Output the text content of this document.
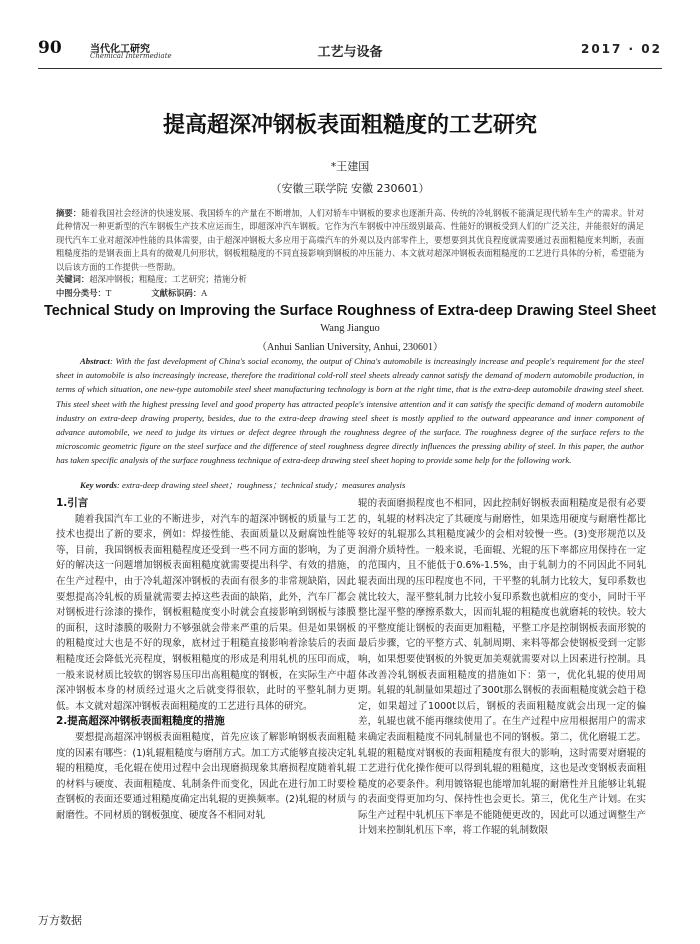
90	当代化工研究
Chemical Intermediate	工艺与设备	2017 · 02
提高超深冲钢板表面粗糙度的工艺研究
*王建国
（安徽三联学院 安徽 230601）
摘要：随着我国社会经济的快速发展、我国轿车的产量在不断增加，人们对轿车中钢板的要求也逐渐升高、传统的冷轧钢板不能满足现代轿车生产的需求。针对此种情况一种更新型的汽车钢板生产技术应运而生，即超深冲汽车钢板。它作为汽车钢板中冲压级别最高、性能好的钢板受到人们的广泛关注，并能很好的满足现代汽车工业对超深冲性能的具体需要，由于超深冲钢板大多应用于高端汽车的外观以及内部零件上，要想要到其优良程度就需要通过表面粗糙度来判断，表面粗糙度指的是钢表面上具有的微观几何形状，钢板粗糙度的不同直接影响到钢板的冲压能力、本文就对超深冲钢板表面粗糙度的工艺进行具体的分析，希望能为以后该方面的工作提供一些帮助。
关键词：超深冲钢板；粗糙度；工艺研究；措施分析
中图分类号：T	文献标识码：A
Technical Study on Improving the Surface Roughness of Extra-deep Drawing Steel Sheet
Wang Jianguo
（Anhui Sanlian University, Anhui, 230601）
Abstract: With the fast development of China's social economy, the output of China's automobile is increasingly increase and people's requirement for the steel sheet in automobile is also increasingly increase, therefore the traditional cold-roll steel sheets already cannot satisfy the demand of modern automobile production, in terms of which situation, one new-type automobile steel sheet manufacturing technology is born at the right time, that is the extra-deep automobile drawing steel sheet. This steel sheet with the highest pressing level and good property has attracted people's intensive attention and it can satisfy the specific demand of modern automobile industry on extra-deep drawing property, besides, due to the extra-deep drawing steel sheet is mostly applied to the outward appearance and inner component of advance automobile, we need to judge its virtues or defect degree through the roughness degree of the surface. The roughness degree of the surface refers to the microscomic geometric figure on the steel surface and the difference of steel roughness degree directly influences the pressing ability of steel. In this paper, the author has taken specific analysis of the surface roughness technique of extra-deep drawing steel sheet hoping to provide some help for the following work.
Key words: extra-deep drawing steel sheet；roughness；technical study；measures analysis
1.引言

随着我国汽车工业的不断进步，对汽车的超深冲钢板的质量与工艺技术也提出了新的要求，例如：焊接性能、表面质量以及耐腐蚀性能等等，目前，我国钢板表面粗糙程度还受到一些不同方面的影响，为了更好的解决这一问题增加钢板表面粗糙度就需要提出科学、有效的措施，在生产过程中，由于冷轧超深冲钢板的表面有很多的非常规缺陷，因此要想提高冷轧板的质量就需要去掉这些表面的缺陷，此外，汽车厂都会对钢板进行涂漆的操作，钢板粗糙度变小时就会直接影响到钢板与漆膜的面积，这时漆膜的吸附力不够强就会带来严重的后果。但是如果钢板的粗糙度过大也是不好的现象，底材过于粗糙直接影响着涂装后的表面粗糙度还会降低光亮程度，钢板粗糙度的形成是利用轧机的压印而成，一般来说材质比较软的钢容易压印出高粗糙度的钢板，在实际生产中超深冲钢板本身的材质经过退火之后就变得很软，此时的平整轧制力更低。本文就对超深冲钢板表面粗糙度的工艺进行具体的研究。

2.提高超深冲钢板表面粗糙度的措施

要想提高超深冲钢板表面粗糙度，首先应该了解影响钢板表面粗糙度的因素有哪些：(1)轧辊粗糙度与磨削方式。加工方式能够直接决定轧辊的粗糙度，毛化辊在使用过程中会出现磨损现象其磨损程度随着轧辊的材料与硬度、表面粗糙度、轧制条件而变化，因此在进行加工时要检查钢板的表面还要通过粗糙度确定出轧辊的更换频率。(2)轧辊的材质与耐磨性。不同材质的钢板强度、硬度各不相同对轧

辊的表面磨损程度也不相同，因此控制好钢板表面粗糙度是很有必要的，轧辊的材料决定了其硬度与耐磨性，如果选用硬度与耐磨性都比较好的轧辊那么其粗糙度减少的会相对较慢一些。(3)变形规范以及润滑介质特性。一般来说，毛面辊、光辊的压下率都应用保持在一定的范围内，且不能低于0.6%-1.5%，由于轧制力的不同因此不同轧辊表面出现的压印程度也不同，干平整的轧制力比较大，复印系数也就比较大，湿平整轧制力比较小复印系数也就相应的变小，同时干平整比湿平整的摩擦系数大，因而轧辊的粗糙度也就磨耗的较快。较大的平整度能让钢板的表面更加粗糙，平整工序是控制钢板表面形貌的最后步骤，它的平整方式、轧制周期、来料等都会使钢板受到一定影响，如果想要使钢板的外貌更加美观就需要对以上因素进行控制。具体改善冷轧钢板表面粗糙度的措施如下：第一，优化轧辊的使用周期。轧辊的轧制量如果超过了300t那么钢板的表面粗糙度就会趋于稳定，如果超过了1000t以后，钢板的表面粗糙度就会出现一定的偏差，轧辊也就不能再继续使用了。在生产过程中应用根据用户的需求来确定表面粗糙度不同轧制量也不同的钢板。第二，优化磨辊工艺。轧辊的粗糙度对钢板的表面粗糙度有很大的影响，这时需要对磨辊的工艺进行优化操作便可以得到轧辊的粗糙度，这也是改变钢板表面粗糙度的必要条件。利用镀铬辊也能增加轧辊的耐磨性并且能够让轧辊的表面变得更加均匀、保持性也会更长。第三，优化生产计划。在实际生产过程中轧机压下率是不能随便更改的，因此可以通过调整生产计划来控制轧机压下率，将工作辊的轧制数限

万方数据
